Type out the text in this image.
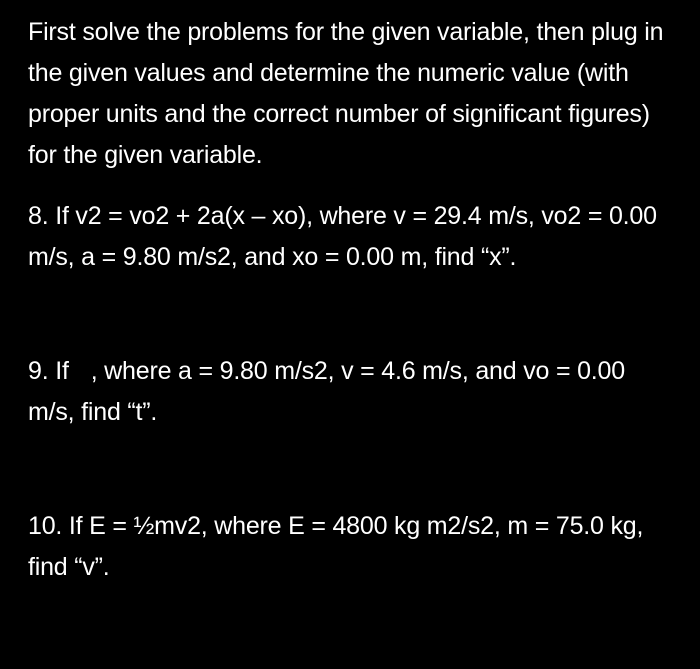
First solve the problems for the given variable, then plug in the given values and determine the numeric value (with proper units and the correct number of significant figures) for the given variable.

8. If v2 = vo2 + 2a(x – xo), where v = 29.4 m/s, vo2 = 0.00 m/s, a = 9.80 m/s2, and xo = 0.00 m, find “x”.

9. If , where a = 9.80 m/s2, v = 4.6 m/s, and vo = 0.00 m/s, find “t”.

10. If E = ½mv2, where E = 4800 kg m2/s2, m = 75.0 kg, find “v”.
